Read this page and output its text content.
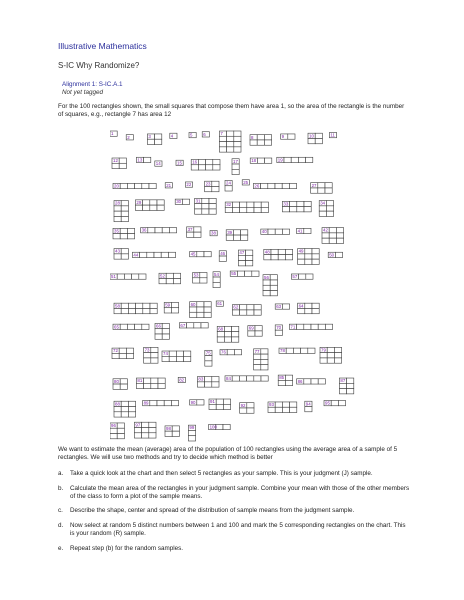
Illustrative Mathematics
S-IC Why Randomize?
Alignment 1: S-IC.A.1
Not yet tagged
For the 100 rectangles shown, the small squares that compose them have area 1, so the area of the rectangle is the number of squares, e.g., rectangle 7 has area 12
1
2	3	4	5 6	7
8	9	10	11
12	13
14	15 16	17	18	19
20	21	22	23	24	25
26	27
28	29	30	31
32	33	34
35	36	37
38	39	40	41	42
43
44	45	46	47	48	49
50
51	52	53	54	55
56	57
58	59	60	61
62	63	64
65	66	67
68	69	70 71
72	73
74	75 76	77	78	79
80	81	82	83	84	85
86	87
88	89	90	91
92	93	94	95
96	97
98	99	100
We want to estimate the mean (average) area of the population of 100 rectangles using the average area of a sample of 5 rectangles. We will use two methods and try to decide which method is better
a. Take a quick look at the chart and then select 5 rectangles as your sample. This is your judgment (J) sample.
b. Calculate the mean area of the rectangles in your judgment sample. Combine your mean with those of the other members of the class to form a plot of the sample means.
c. Describe the shape, center and spread of the distribution of sample means from the judgment sample.
d. Now select at random 5 distinct numbers between 1 and 100 and mark the 5 corresponding rectangles on the chart. This is your random (R) sample.
e. Repeat step (b) for the random samples.
